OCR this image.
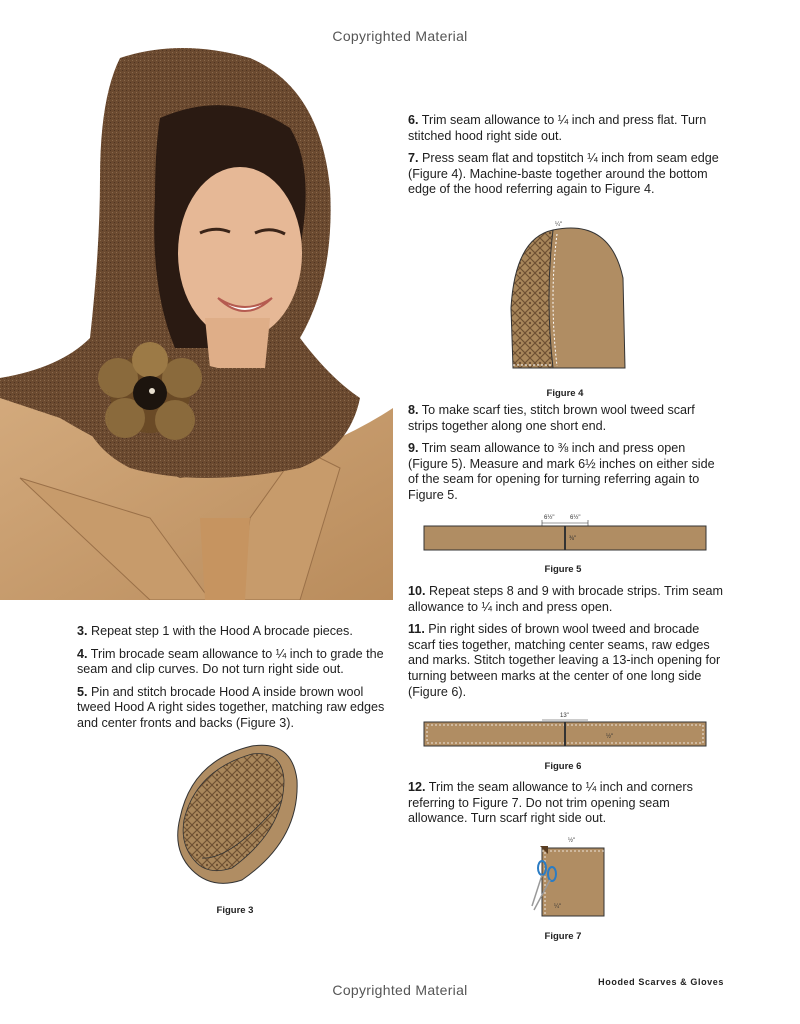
Copyrighted Material

6. Trim seam allowance to ¼ inch and press flat. Turn stitched hood right side out.

7. Press seam flat and topstitch ¼ inch from seam edge (Figure 4). Machine-baste together around the bottom edge of the hood referring again to Figure 4.

¼"
Figure 4

8. To make scarf ties, stitch brown wool tweed scarf strips together along one short end.

9. Trim seam allowance to ⅜ inch and press open (Figure 5). Measure and mark 6½ inches on either side of the seam for opening for turning referring again to Figure 5.

6½"	6½"
⅜"
Figure 5

10. Repeat steps 8 and 9 with brocade strips. Trim seam allowance to ¼ inch and press open.

11. Pin right sides of brown wool tweed and brocade scarf ties together, matching center seams, raw edges and marks. Stitch together leaving a 13-inch opening for turning between marks at the center of one long side (Figure 6).

13"
½"
Figure 6

12. Trim the seam allowance to ¼ inch and corners referring to Figure 7. Do not trim opening seam allowance. Turn scarf right side out.

½"
¼"
Figure 7

3. Repeat step 1 with the Hood A brocade pieces.

4. Trim brocade seam allowance to ¼ inch to grade the seam and clip curves. Do not turn right side out.

5. Pin and stitch brocade Hood A inside brown wool tweed Hood A right sides together, matching raw edges and center fronts and backs (Figure 3).

Figure 3
Hooded Scarves & Gloves
Copyrighted Material
